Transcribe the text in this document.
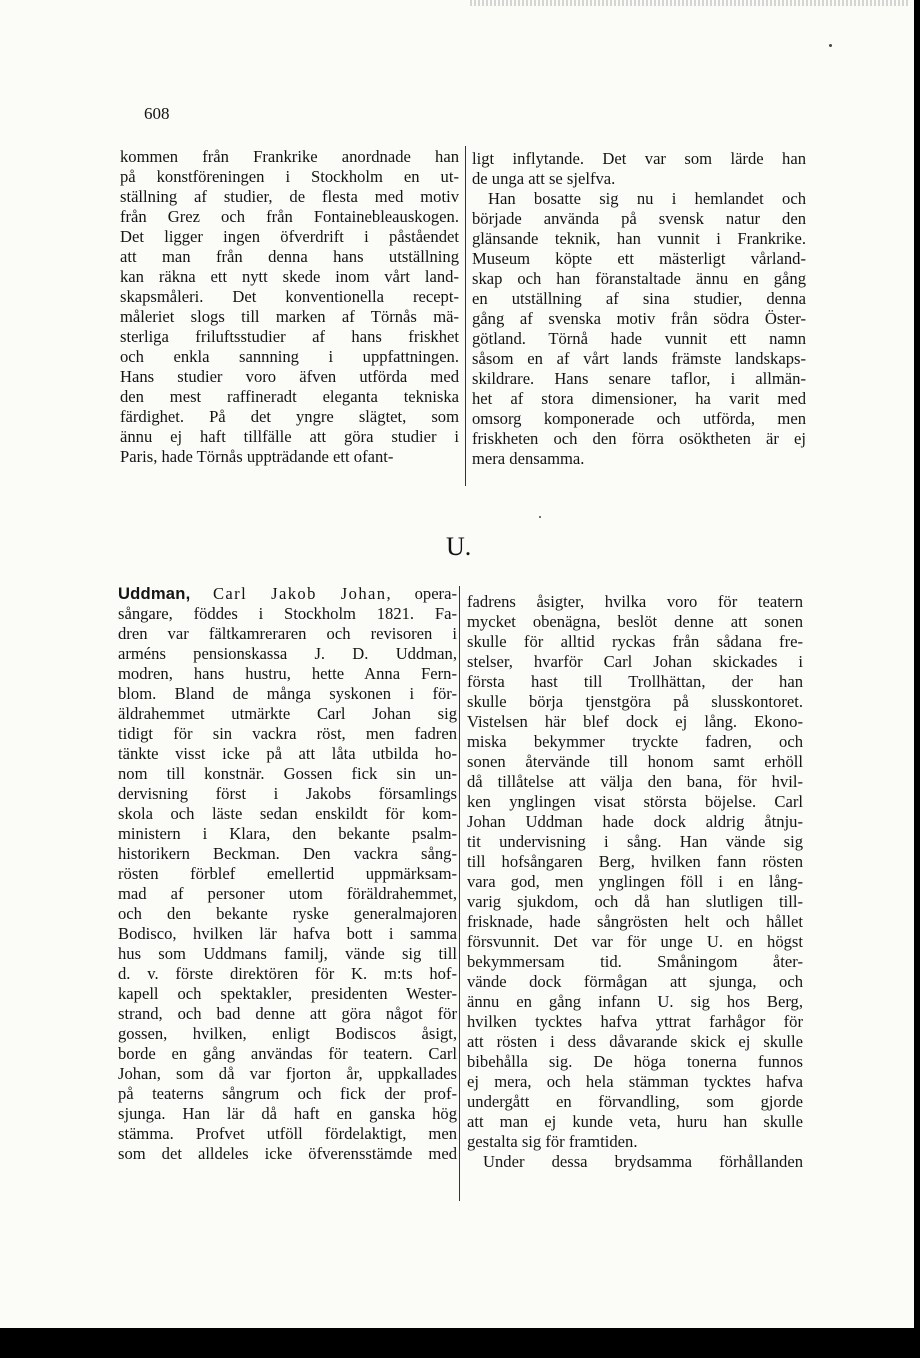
608
kommen från Frankrike anordnade han
på konstföreningen i Stockholm en ut-
ställning af studier, de flesta med motiv
från Grez och från Fontainebleauskogen.
Det ligger ingen öfverdrift i påståendet
att man från denna hans utställning
kan räkna ett nytt skede inom vårt land-
skapsmåleri. Det konventionella recept-
måleriet slogs till marken af Törnås mä-
sterliga friluftsstudier af hans friskhet
och enkla sannning i uppfattningen.
Hans studier voro äfven utförda med
den mest raffineradt eleganta tekniska
färdighet. På det yngre slägtet, som
ännu ej haft tillfälle att göra studier i
Paris, hade Törnås uppträdande ett ofant-
ligt inflytande. Det var som lärde han
de unga att se sjelfva.
Han bosatte sig nu i hemlandet och
började använda på svensk natur den
glänsande teknik, han vunnit i Frankrike.
Museum köpte ett mästerligt vårland-
skap och han föranstaltade ännu en gång
en utställning af sina studier, denna
gång af svenska motiv från södra Öster-
götland. Törnå hade vunnit ett namn
såsom en af vårt lands främste landskaps-
skildrare. Hans senare taflor, i allmän-
het af stora dimensioner, ha varit med
omsorg komponerade och utförda, men
friskheten och den förra osöktheten är ej
mera densamma.
U.
Uddman, Carl Jakob Johan, opera-
sångare, föddes i Stockholm 1821. Fa-
dren var fältkamreraren och revisoren i
arméns pensionskassa J. D. Uddman,
modren, hans hustru, hette Anna Fern-
blom. Bland de många syskonen i för-
äldrahemmet utmärkte Carl Johan sig
tidigt för sin vackra röst, men fadren
tänkte visst icke på att låta utbilda ho-
nom till konstnär. Gossen fick sin un-
dervisning först i Jakobs församlings
skola och läste sedan enskildt för kom-
ministern i Klara, den bekante psalm-
historikern Beckman. Den vackra sång-
rösten förblef emellertid uppmärksam-
mad af personer utom föräldrahemmet,
och den bekante ryske generalmajoren
Bodisco, hvilken lär hafva bott i samma
hus som Uddmans familj, vände sig till
d. v. förste direktören för K. m:ts hof-
kapell och spektakler, presidenten Wester-
strand, och bad denne att göra något för
gossen, hvilken, enligt Bodiscos åsigt,
borde en gång användas för teatern. Carl
Johan, som då var fjorton år, uppkallades
på teaterns sångrum och fick der prof-
sjunga. Han lär då haft en ganska hög
stämma. Profvet utföll fördelaktigt, men
som det alldeles icke öfverensstämde med
fadrens åsigter, hvilka voro för teatern
mycket obenägna, beslöt denne att sonen
skulle för alltid ryckas från sådana fre-
stelser, hvarför Carl Johan skickades i
första hast till Trollhättan, der han
skulle börja tjenstgöra på slusskontoret.
Vistelsen här blef dock ej lång. Ekono-
miska bekymmer tryckte fadren, och
sonen återvände till honom samt erhöll
då tillåtelse att välja den bana, för hvil-
ken ynglingen visat största böjelse. Carl
Johan Uddman hade dock aldrig åtnju-
tit undervisning i sång. Han vände sig
till hofsångaren Berg, hvilken fann rösten
vara god, men ynglingen föll i en lång-
varig sjukdom, och då han slutligen till-
frisknade, hade sångrösten helt och hållet
försvunnit. Det var för unge U. en högst
bekymmersam tid. Småningom åter-
vände dock förmågan att sjunga, och
ännu en gång infann U. sig hos Berg,
hvilken tycktes hafva yttrat farhågor för
att rösten i dess dåvarande skick ej skulle
bibehålla sig. De höga tonerna funnos
ej mera, och hela stämman tycktes hafva
undergått en förvandling, som gjorde
att man ej kunde veta, huru han skulle
gestalta sig för framtiden.
Under dessa brydsamma förhållanden
